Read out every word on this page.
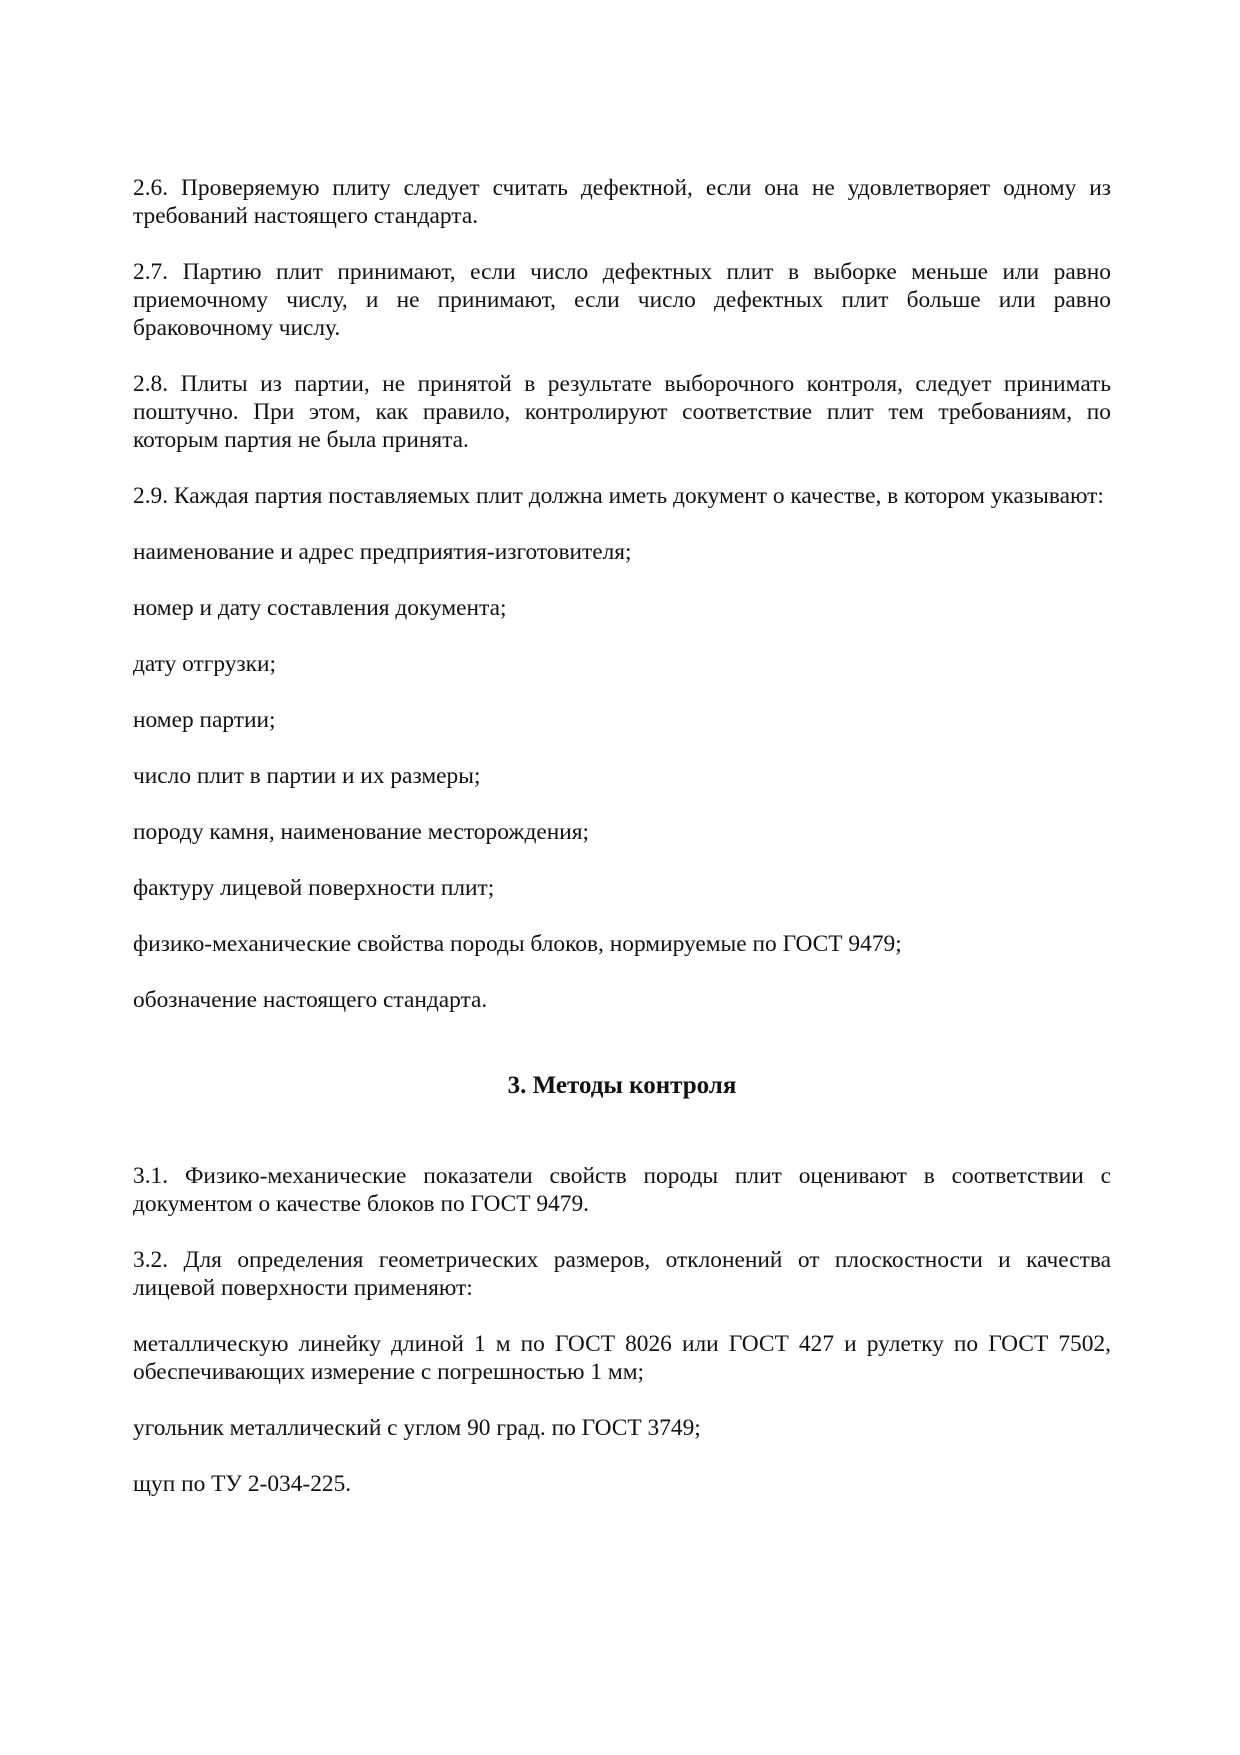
2.6. Проверяемую плиту следует считать дефектной, если она не удовлетворяет одному из требований настоящего стандарта.

2.7. Партию плит принимают, если число дефектных плит в выборке меньше или равно приемочному числу, и не принимают, если число дефектных плит больше или равно браковочному числу.

2.8. Плиты из партии, не принятой в результате выборочного контроля, следует принимать поштучно. При этом, как правило, контролируют соответствие плит тем требованиям, по которым партия не была принята.

2.9. Каждая партия поставляемых плит должна иметь документ о качестве, в котором указывают:

наименование и адрес предприятия-изготовителя;

номер и дату составления документа;

дату отгрузки;

номер партии;

число плит в партии и их размеры;

породу камня, наименование месторождения;

фактуру лицевой поверхности плит;

физико-механические свойства породы блоков, нормируемые по ГОСТ 9479;

обозначение настоящего стандарта.

3. Методы контроля

3.1. Физико-механические показатели свойств породы плит оценивают в соответствии с документом о качестве блоков по ГОСТ 9479.

3.2. Для определения геометрических размеров, отклонений от плоскостности и качества лицевой поверхности применяют:

металлическую линейку длиной 1 м по ГОСТ 8026 или ГОСТ 427 и рулетку по ГОСТ 7502, обеспечивающих измерение с погрешностью 1 мм;

угольник металлический с углом 90 град. по ГОСТ 3749;

щуп по ТУ 2-034-225.
